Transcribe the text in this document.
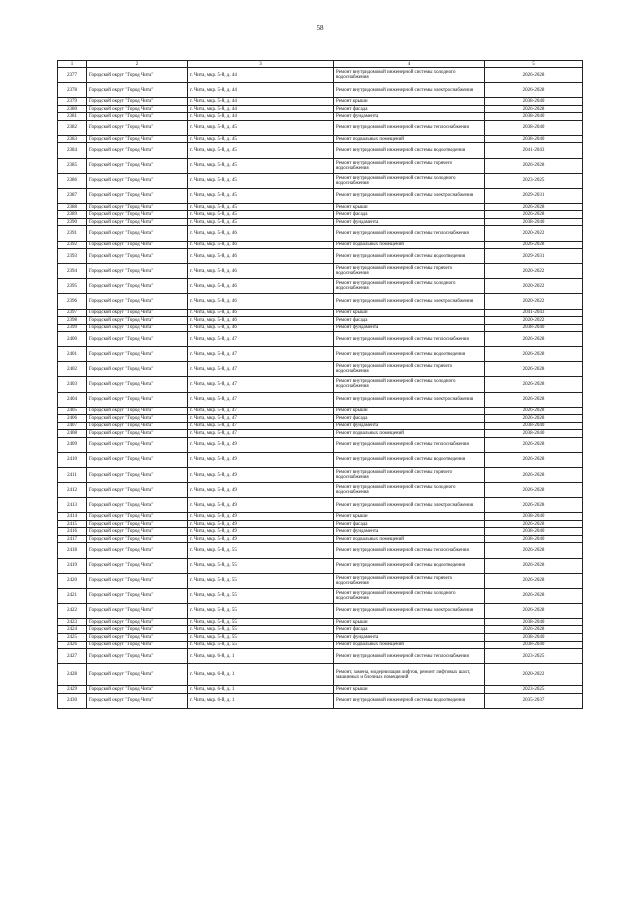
58
1	2	3	4	5
2377	Городской округ "Город Чита"	г. Чита, мкр. 5-й, д. 44	Ремонт внутридомовой инженерной системы холодного водоснабжения	2026-2028
2378	Городской округ "Город Чита"	г. Чита, мкр. 5-й, д. 44	Ремонт внутридомовой инженерной системы электроснабжения	2026-2028
2379	Городской округ "Город Чита"	г. Чита, мкр. 5-й, д. 44	Ремонт крыши	2038-2040
2380	Городской округ "Город Чита"	г. Чита, мкр. 5-й, д. 44	Ремонт фасада	2026-2028
2381	Городской округ "Город Чита"	г. Чита, мкр. 5-й, д. 44	Ремонт фундамента	2038-2040
2382	Городской округ "Город Чита"	г. Чита, мкр. 5-й, д. 45	Ремонт внутридомовой инженерной системы теплоснабжения	2038-2040
2383	Городской округ "Город Чита"	г. Чита, мкр. 5-й, д. 45	Ремонт подвальных помещений	2038-2040
2384	Городской округ "Город Чита"	г. Чита, мкр. 5-й, д. 45	Ремонт внутридомовой инженерной системы водоотведения	2041-2043
2385	Городской округ "Город Чита"	г. Чита, мкр. 5-й, д. 45	Ремонт внутридомовой инженерной системы горячего водоснабжения	2026-2028
2386	Городской округ "Город Чита"	г. Чита, мкр. 5-й, д. 45	Ремонт внутридомовой инженерной системы холодного водоснабжения	2023-2025
2387	Городской округ "Город Чита"	г. Чита, мкр. 5-й, д. 45	Ремонт внутридомовой инженерной системы электроснабжения	2029-2031
2388	Городской округ "Город Чита"	г. Чита, мкр. 5-й, д. 45	Ремонт крыши	2026-2028
2389	Городской округ "Город Чита"	г. Чита, мкр. 5-й, д. 45	Ремонт фасада	2026-2028
2390	Городской округ "Город Чита"	г. Чита, мкр. 5-й, д. 45	Ремонт фундамента	2038-2040
2391	Городской округ "Город Чита"	г. Чита, мкр. 5-й, д. 46	Ремонт внутридомовой инженерной системы теплоснабжения	2020-2022
2392	Городской округ "Город Чита"	г. Чита, мкр. 5-й, д. 46	Ремонт подвальных помещений	2026-2028
2393	Городской округ "Город Чита"	г. Чита, мкр. 5-й, д. 46	Ремонт внутридомовой инженерной системы водоотведения	2029-2031
2394	Городской округ "Город Чита"	г. Чита, мкр. 5-й, д. 46	Ремонт внутридомовой инженерной системы горячего водоснабжения	2020-2022
2395	Городской округ "Город Чита"	г. Чита, мкр. 5-й, д. 46	Ремонт внутридомовой инженерной системы холодного водоснабжения	2020-2022
2396	Городской округ "Город Чита"	г. Чита, мкр. 5-й, д. 46	Ремонт внутридомовой инженерной системы электроснабжения	2020-2022
2397	Городской округ "Город Чита"	г. Чита, мкр. 5-й, д. 46	Ремонт крыши	2041-2043
2398	Городской округ "Город Чита"	г. Чита, мкр. 5-й, д. 46	Ремонт фасада	2020-2022
2399	Городской округ "Город Чита"	г. Чита, мкр. 5-й, д. 46	Ремонт фундамента	2038-2040
2400	Городской округ "Город Чита"	г. Чита, мкр. 5-й, д. 47	Ремонт внутридомовой инженерной системы теплоснабжения	2026-2028
2401	Городской округ "Город Чита"	г. Чита, мкр. 5-й, д. 47	Ремонт внутридомовой инженерной системы водоотведения	2026-2028
2402	Городской округ "Город Чита"	г. Чита, мкр. 5-й, д. 47	Ремонт внутридомовой инженерной системы горячего водоснабжения	2026-2028
2403	Городской округ "Город Чита"	г. Чита, мкр. 5-й, д. 47	Ремонт внутридомовой инженерной системы холодного водоснабжения	2026-2028
2404	Городской округ "Город Чита"	г. Чита, мкр. 5-й, д. 47	Ремонт внутридомовой инженерной системы электроснабжения	2026-2028
2405	Городской округ "Город Чита"	г. Чита, мкр. 5-й, д. 47	Ремонт крыши	2026-2028
2406	Городской округ "Город Чита"	г. Чита, мкр. 5-й, д. 47	Ремонт фасада	2026-2028
2407	Городской округ "Город Чита"	г. Чита, мкр. 5-й, д. 47	Ремонт фундамента	2038-2040
2408	Городской округ "Город Чита"	г. Чита, мкр. 5-й, д. 47	Ремонт подвальных помещений	2038-2040
2409	Городской округ "Город Чита"	г. Чита, мкр. 5-й, д. 49	Ремонт внутридомовой инженерной системы теплоснабжения	2026-2028
2410	Городской округ "Город Чита"	г. Чита, мкр. 5-й, д. 49	Ремонт внутридомовой инженерной системы водоотведения	2026-2028
2411	Городской округ "Город Чита"	г. Чита, мкр. 5-й, д. 49	Ремонт внутридомовой инженерной системы горячего водоснабжения	2026-2028
2412	Городской округ "Город Чита"	г. Чита, мкр. 5-й, д. 49	Ремонт внутридомовой инженерной системы холодного водоснабжения	2026-2028
2413	Городской округ "Город Чита"	г. Чита, мкр. 5-й, д. 49	Ремонт внутридомовой инженерной системы электроснабжения	2026-2028
2414	Городской округ "Город Чита"	г. Чита, мкр. 5-й, д. 49	Ремонт крыши	2038-2040
2415	Городской округ "Город Чита"	г. Чита, мкр. 5-й, д. 49	Ремонт фасада	2026-2028
2416	Городской округ "Город Чита"	г. Чита, мкр. 5-й, д. 49	Ремонт фундамента	2038-2040
2417	Городской округ "Город Чита"	г. Чита, мкр. 5-й, д. 49	Ремонт подвальных помещений	2038-2040
2418	Городской округ "Город Чита"	г. Чита, мкр. 5-й, д. 55	Ремонт внутридомовой инженерной системы теплоснабжения	2026-2028
2419	Городской округ "Город Чита"	г. Чита, мкр. 5-й, д. 55	Ремонт внутридомовой инженерной системы водоотведения	2026-2028
2420	Городской округ "Город Чита"	г. Чита, мкр. 5-й, д. 55	Ремонт внутридомовой инженерной системы горячего водоснабжения	2026-2028
2421	Городской округ "Город Чита"	г. Чита, мкр. 5-й, д. 55	Ремонт внутридомовой инженерной системы холодного водоснабжения	2026-2028
2422	Городской округ "Город Чита"	г. Чита, мкр. 5-й, д. 55	Ремонт внутридомовой инженерной системы электроснабжения	2026-2028
2423	Городской округ "Город Чита"	г. Чита, мкр. 5-й, д. 55	Ремонт крыши	2038-2040
2424	Городской округ "Город Чита"	г. Чита, мкр. 5-й, д. 55	Ремонт фасада	2026-2028
2425	Городской округ "Город Чита"	г. Чита, мкр. 5-й, д. 55	Ремонт фундамента	2038-2040
2426	Городской округ "Город Чита"	г. Чита, мкр. 5-й, д. 55	Ремонт подвальных помещений	2038-2040
2427	Городской округ "Город Чита"	г. Чита, мкр. 6-й, д. 1	Ремонт внутридомовой инженерной системы теплоснабжения	2023-2025
2428	Городской округ "Город Чита"	г. Чита, мкр. 6-й, д. 1	Ремонт, замена, модернизация лифтов, ремонт лифтовых шахт, машинных и блочных помещений	2020-2022
2429	Городской округ "Город Чита"	г. Чита, мкр. 6-й, д. 1	Ремонт крыши	2023-2025
2430	Городской округ "Город Чита"	г. Чита, мкр. 6-й, д. 1	Ремонт внутридомовой инженерной системы водоотведения	2035-2037
